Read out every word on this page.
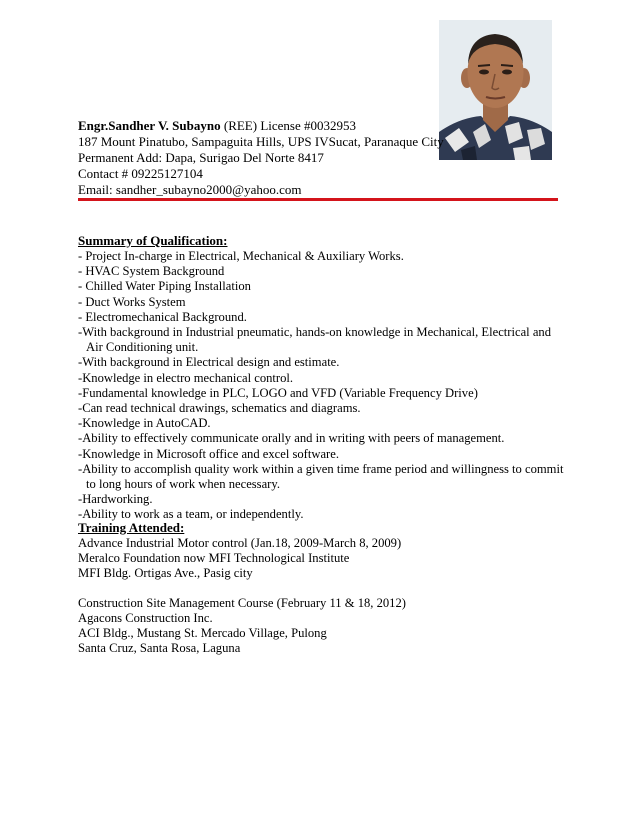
Engr.Sandher V. Subayno (REE) License #0032953
187 Mount Pinatubo, Sampaguita Hills, UPS IVSucat, Paranaque City
Permanent Add: Dapa, Surigao Del Norte 8417
Contact # 09225127104
Email: sandher_subayno2000@yahoo.com
Summary of Qualification:
- Project In-charge in Electrical, Mechanical & Auxiliary Works.
- HVAC System Background
- Chilled Water Piping Installation
- Duct Works System
- Electromechanical Background.
-With background in Industrial pneumatic, hands-on knowledge in Mechanical, Electrical and
Air Conditioning unit.
-With background in Electrical design and estimate.
-Knowledge in electro mechanical control.
-Fundamental knowledge in PLC, LOGO and VFD (Variable Frequency Drive)
-Can read technical drawings, schematics and diagrams.
-Knowledge in AutoCAD.
-Ability to effectively communicate orally and in writing with peers of management.
-Knowledge in Microsoft office and excel software.
-Ability to accomplish quality work within a given time frame period and willingness to commit
to long hours of work when necessary.
-Hardworking.
-Ability to work as a team, or independently.
Training Attended:
Advance Industrial Motor control (Jan.18, 2009-March 8, 2009)
Meralco Foundation now MFI Technological Institute
MFI Bldg. Ortigas Ave., Pasig city
Construction Site Management Course (February 11 & 18, 2012)
Agacons Construction Inc.
ACI Bldg., Mustang St. Mercado Village, Pulong
Santa Cruz, Santa Rosa, Laguna
